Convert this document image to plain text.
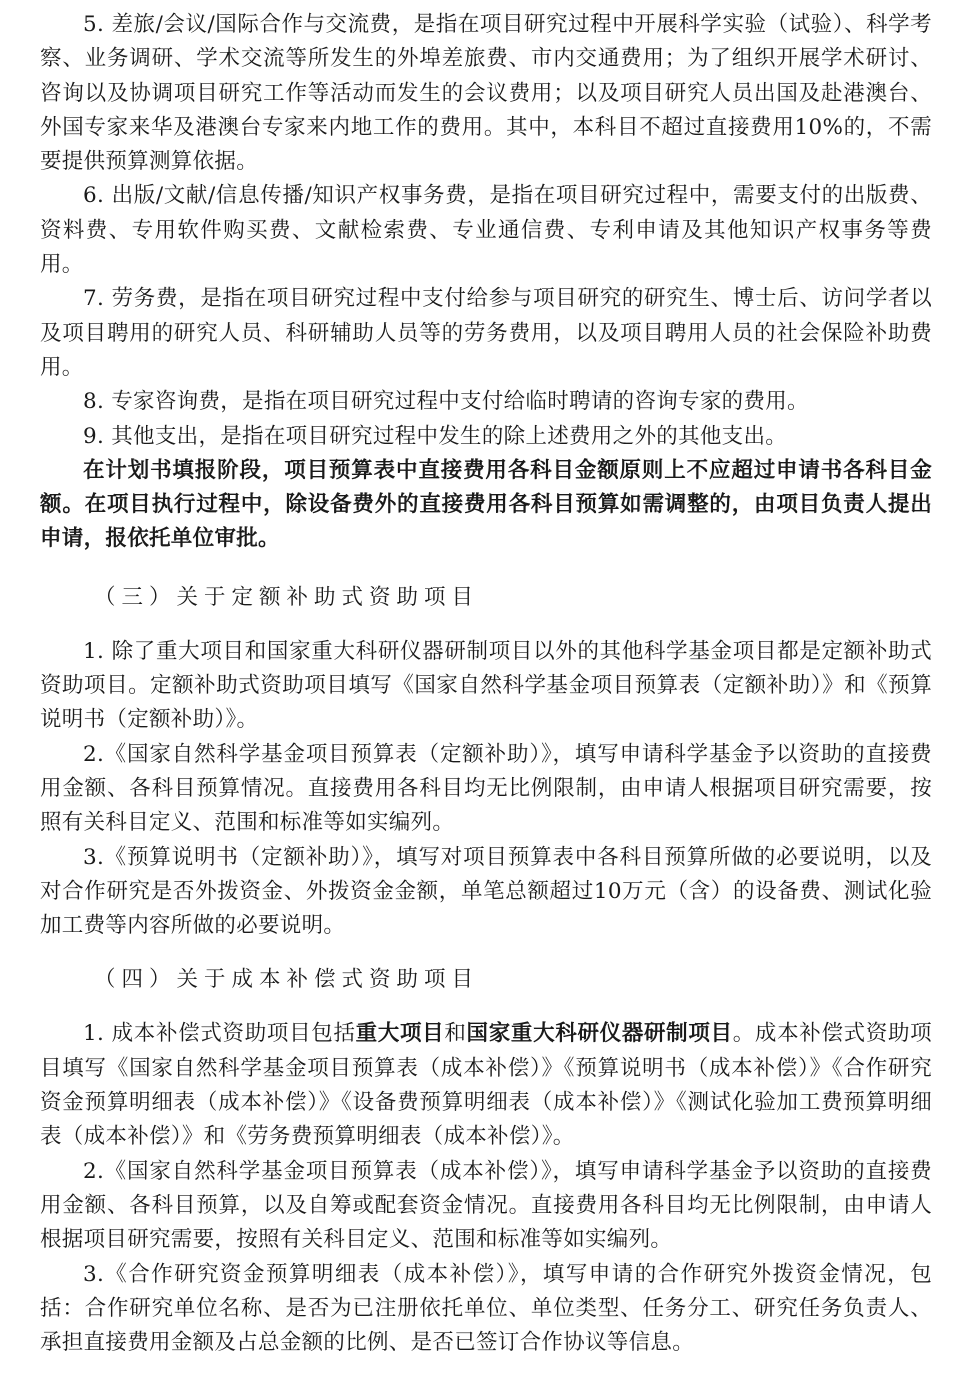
5. 差旅/会议/国际合作与交流费，是指在项目研究过程中开展科学实验（试验）、科学考察、业务调研、学术交流等所发生的外埠差旅费、市内交通费用；为了组织开展学术研讨、咨询以及协调项目研究工作等活动而发生的会议费用；以及项目研究人员出国及赴港澳台、外国专家来华及港澳台专家来内地工作的费用。其中，本科目不超过直接费用10%的，不需要提供预算测算依据。

6. 出版/文献/信息传播/知识产权事务费，是指在项目研究过程中，需要支付的出版费、资料费、专用软件购买费、文献检索费、专业通信费、专利申请及其他知识产权事务等费用。

7. 劳务费，是指在项目研究过程中支付给参与项目研究的研究生、博士后、访问学者以及项目聘用的研究人员、科研辅助人员等的劳务费用，以及项目聘用人员的社会保险补助费用。

8. 专家咨询费，是指在项目研究过程中支付给临时聘请的咨询专家的费用。

9. 其他支出，是指在项目研究过程中发生的除上述费用之外的其他支出。

在计划书填报阶段，项目预算表中直接费用各科目金额原则上不应超过申请书各科目金额。在项目执行过程中，除设备费外的直接费用各科目预算如需调整的，由项目负责人提出申请，报依托单位审批。

（三）关于定额补助式资助项目

1. 除了重大项目和国家重大科研仪器研制项目以外的其他科学基金项目都是定额补助式资助项目。定额补助式资助项目填写《国家自然科学基金项目预算表（定额补助）》和《预算说明书（定额补助）》。

2.《国家自然科学基金项目预算表（定额补助）》，填写申请科学基金予以资助的直接费用金额、各科目预算情况。直接费用各科目均无比例限制，由申请人根据项目研究需要，按照有关科目定义、范围和标准等如实编列。

3.《预算说明书（定额补助）》，填写对项目预算表中各科目预算所做的必要说明，以及对合作研究是否外拨资金、外拨资金金额，单笔总额超过10万元（含）的设备费、测试化验加工费等内容所做的必要说明。

（四）关于成本补偿式资助项目

1. 成本补偿式资助项目包括重大项目和国家重大科研仪器研制项目。成本补偿式资助项目填写《国家自然科学基金项目预算表（成本补偿）》《预算说明书（成本补偿）》《合作研究资金预算明细表（成本补偿）》《设备费预算明细表（成本补偿）》《测试化验加工费预算明细表（成本补偿）》和《劳务费预算明细表（成本补偿）》。

2.《国家自然科学基金项目预算表（成本补偿）》，填写申请科学基金予以资助的直接费用金额、各科目预算，以及自筹或配套资金情况。直接费用各科目均无比例限制，由申请人根据项目研究需要，按照有关科目定义、范围和标准等如实编列。

3.《合作研究资金预算明细表（成本补偿）》，填写申请的合作研究外拨资金情况，包括：合作研究单位名称、是否为已注册依托单位、单位类型、任务分工、研究任务负责人、承担直接费用金额及占总金额的比例、是否已签订合作协议等信息。
